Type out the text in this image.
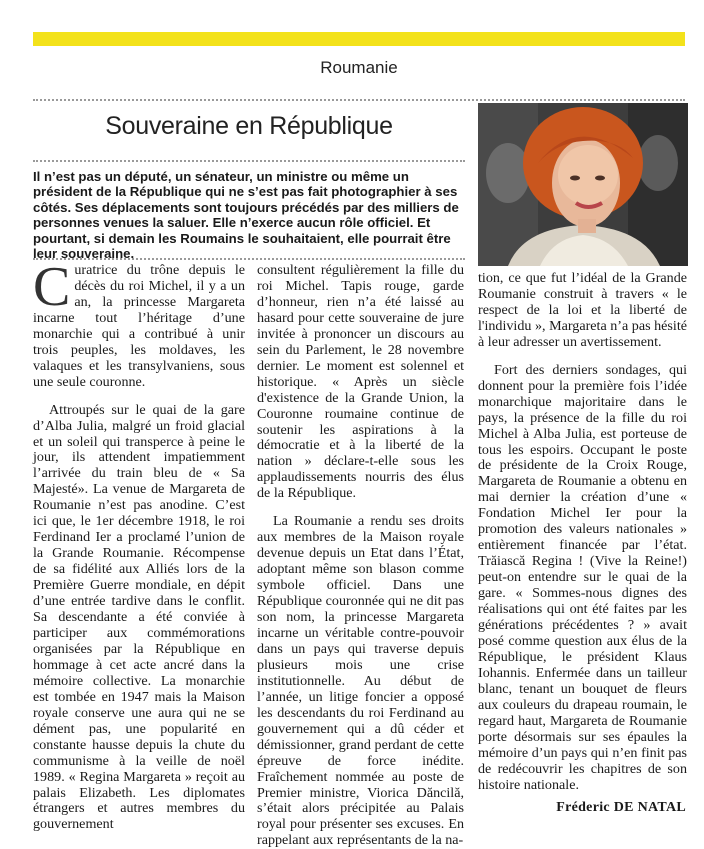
Roumanie
Souveraine en République
Il n’est pas un député, un sénateur, un ministre ou même un président de la République qui ne s’est pas fait photographier à ses côtés. Ses déplacements sont toujours précédés par des milliers de personnes venues la saluer. Elle n’exerce aucun rôle officiel. Et pourtant, si demain les Roumains le souhaitaient, elle pourrait être leur souveraine.

Curatrice du trône depuis le décès du roi Michel, il y a un an, la princesse Margareta incarne tout l’héritage d’une monarchie qui a contribué à unir trois peuples, les moldaves, les valaques et les transylvaniens, sous une seule couronne.

Attroupés sur le quai de la gare d’Alba Julia, malgré un froid glacial et un soleil qui transperce à peine le jour, ils attendent impatiemment l’arrivée du train bleu de « Sa Majesté». La venue de Margareta de Roumanie n’est pas anodine. C’est ici que, le 1er décembre 1918, le roi Ferdinand Ier a proclamé l’union de la Grande Roumanie. Récompense de sa fidélité aux Alliés lors de la Première Guerre mondiale, en dépit d’une entrée tardive dans le conflit. Sa descendante a été conviée à participer aux commémorations organisées par la République en hommage à cet acte ancré dans la mémoire collective. La monarchie est tombée en 1947 mais la Maison royale conserve une aura qui ne se dément pas, une popularité en constante hausse depuis la chute du communisme à la veille de noël 1989. « Regina Margareta » reçoit au palais Elizabeth. Les diplomates étrangers et autres membres du gouvernement

consultent régulièrement la fille du roi Michel. Tapis rouge, garde d’honneur, rien n’a été laissé au hasard pour cette souveraine de jure invitée à prononcer un discours au sein du Parlement, le 28 novembre dernier. Le moment est solennel et historique. « Après un siècle d'existence de la Grande Union, la Couronne roumaine continue de soutenir les aspirations à la démocratie et à la liberté de la nation » déclare-t-elle sous les applaudissements nourris des élus de la République.

La Roumanie a rendu ses droits aux membres de la Maison royale devenue depuis un Etat dans l’État, adoptant même son blason comme symbole officiel. Dans une République couronnée qui ne dit pas son nom, la princesse Margareta incarne un véritable contre-pouvoir dans un pays qui traverse depuis plusieurs mois une crise institutionnelle. Au début de l’année, un litige foncier a opposé les descendants du roi Ferdinand au gouvernement qui a dû céder et démissionner, grand perdant de cette épreuve de force inédite. Fraîchement nommée au poste de Premier ministre, Viorica Dăncilă, s’était alors précipitée au Palais royal pour présenter ses excuses. En rappelant aux représentants de la na-

tion, ce que fut l’idéal de la Grande Roumanie construit à travers « le respect de la loi et la liberté de l'individu », Margareta n’a pas hésité à leur adresser un avertissement.

Fort des derniers sondages, qui donnent pour la première fois l’idée monarchique majoritaire dans le pays, la présence de la fille du roi Michel à Alba Julia, est porteuse de tous les espoirs. Occupant le poste de présidente de la Croix Rouge, Margareta de Roumanie a obtenu en mai dernier la création d’une « Fondation Michel Ier pour la promotion des valeurs nationales » entièrement financée par l’état. Trăiască Regina ! (Vive la Reine!) peut-on entendre sur le quai de la gare. « Sommes-nous dignes des réalisations qui ont été faites par les générations précédentes ? » avait posé comme question aux élus de la République, le président Klaus Iohannis. Enfermée dans un tailleur blanc, tenant un bouquet de fleurs aux couleurs du drapeau roumain, le regard haut, Margareta de Roumanie porte désormais sur ses épaules la mémoire d’un pays qui n’en finit pas de redécouvrir les chapitres de son histoire nationale.

Fréderic DE NATAL
